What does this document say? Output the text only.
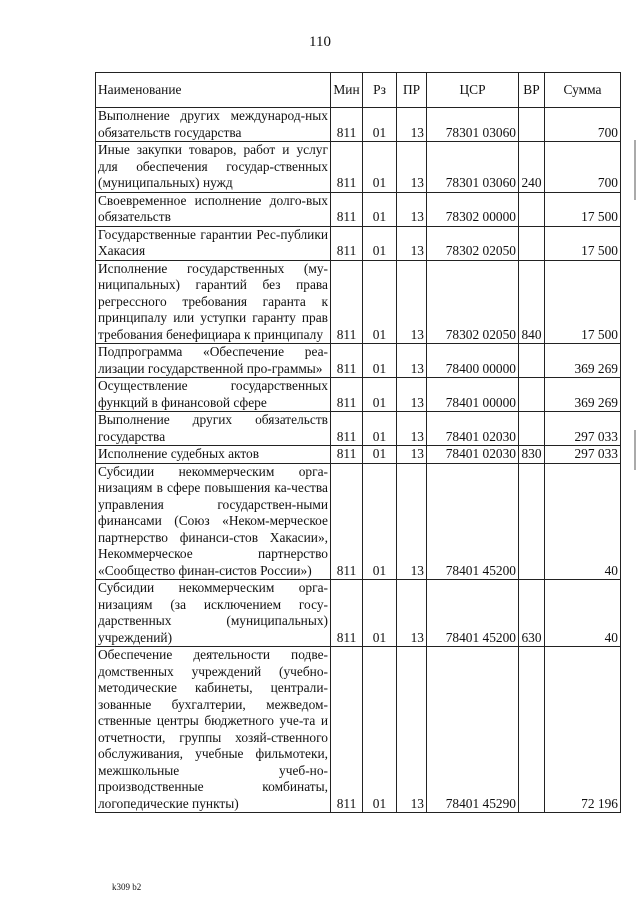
110
Наименование	Мин	Рз	ПР	ЦСР	ВР	Сумма
Выполнение других международ-ных обязательств государства	811	01	13	78301 03060		700
Иные закупки товаров, работ и услуг для обеспечения государ-ственных (муниципальных) нужд	811	01	13	78301 03060	240	700
Своевременное исполнение долго-вых обязательств	811	01	13	78302 00000		17 500
Государственные гарантии Рес-публики Хакасия	811	01	13	78302 02050		17 500
Исполнение государственных (му-ниципальных) гарантий без права регрессного требования гаранта к принципалу или уступки гаранту прав требования бенефициара к принципалу	811	01	13	78302 02050	840	17 500
Подпрограмма «Обеспечение реа-лизации государственной про-граммы»	811	01	13	78400 00000		369 269
Осуществление государственных функций в финансовой сфере	811	01	13	78401 00000		369 269
Выполнение других обязательств государства	811	01	13	78401 02030		297 033
Исполнение судебных актов	811	01	13	78401 02030	830	297 033
Субсидии некоммерческим орга-низациям в сфере повышения ка-чества управления государствен-ными финансами (Союз «Неком-мерческое партнерство финанси-стов Хакасии», Некоммерческое партнерство «Сообщество финан-систов России»)	811	01	13	78401 45200		40
Субсидии некоммерческим орга-низациям (за исключением госу-дарственных (муниципальных) учреждений)	811	01	13	78401 45200	630	40
Обеспечение деятельности подве-домственных учреждений (учебно-методические кабинеты, централи-зованные бухгалтерии, межведом-ственные центры бюджетного уче-та и отчетности, группы хозяй-ственного обслуживания, учебные фильмотеки, межшкольные учеб-но-производственные комбинаты, логопедические пункты)	811	01	13	78401 45290		72 196
k309 b2
